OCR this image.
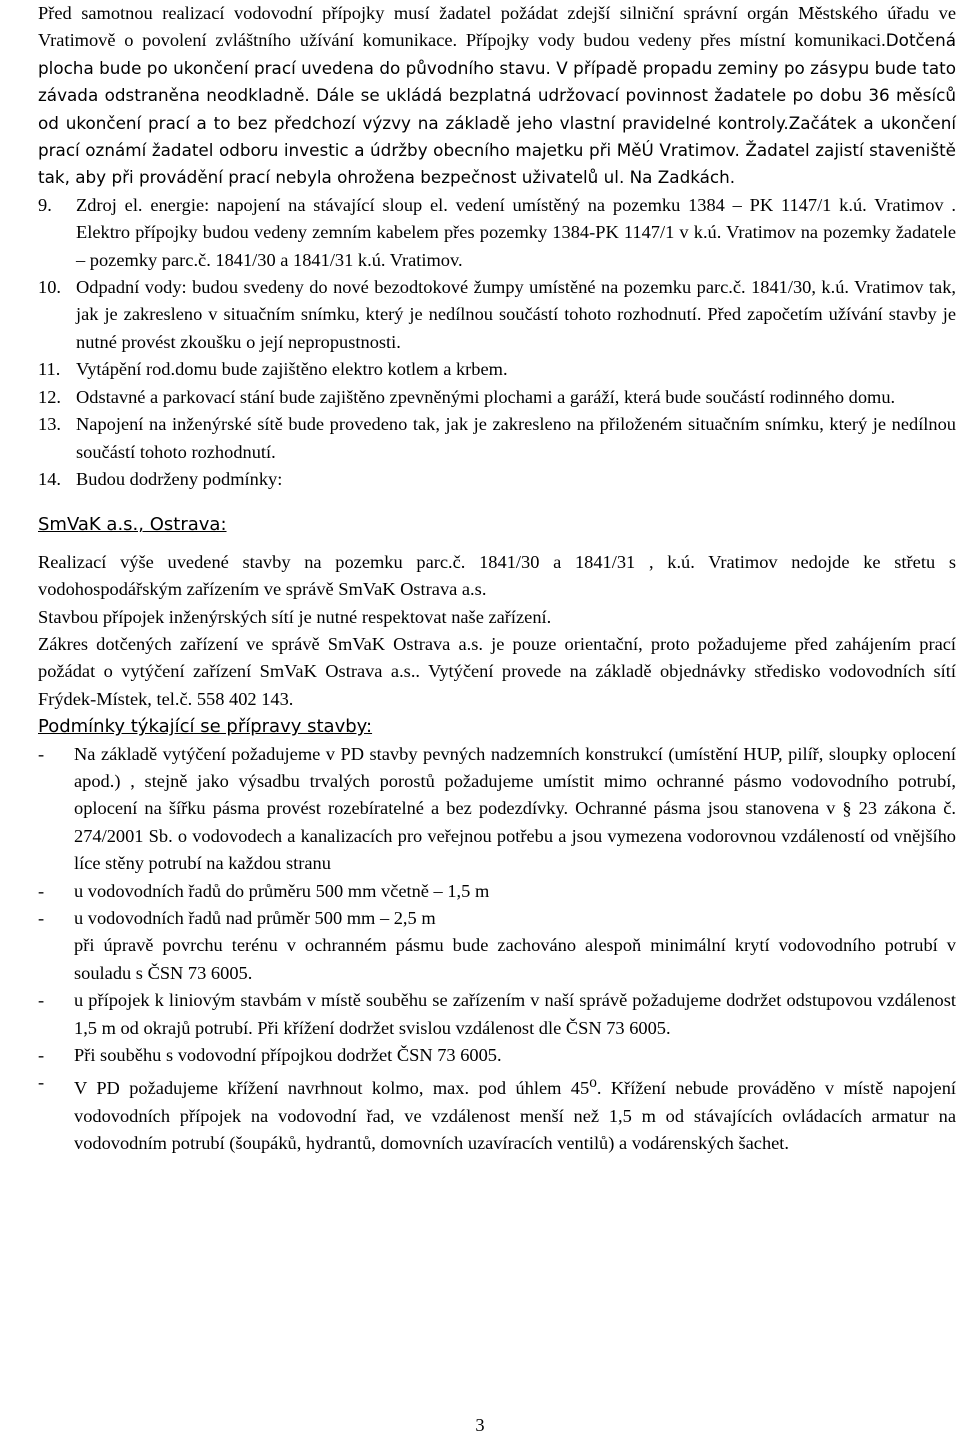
Před samotnou realizací vodovodní přípojky musí žadatel požádat zdejší silniční správní orgán Městského úřadu ve Vratimově o povolení zvláštního užívání komunikace. Přípojky vody budou vedeny přes místní komunikaci.Dotčená plocha bude po ukončení prací uvedena do původního stavu. V případě propadu zeminy po zásypu bude tato závada odstraněna neodkladně. Dále se ukládá bezplatná udržovací povinnost žadatele po dobu 36 měsíců od ukončení prací a to bez předchozí výzvy na základě jeho vlastní pravidelné kontroly.Začátek a ukončení prací oznámí žadatel odboru investic a údržby obecního majetku při MěÚ Vratimov. Žadatel zajistí staveniště tak, aby při provádění prací nebyla ohrožena bezpečnost uživatelů ul. Na Zadkách.

9.	Zdroj el. energie: napojení na stávající sloup el. vedení umístěný na pozemku 1384 – PK 1147/1 k.ú. Vratimov . Elektro přípojky budou vedeny zemním kabelem přes pozemky 1384-PK 1147/1 v k.ú. Vratimov na pozemky žadatele – pozemky parc.č. 1841/30 a 1841/31 k.ú. Vratimov.
10. Odpadní vody: budou svedeny do nové bezodtokové žumpy umístěné na pozemku parc.č. 1841/30, k.ú. Vratimov tak, jak je zakresleno v situačním snímku, který je nedílnou součástí tohoto rozhodnutí. Před započetím užívání stavby je nutné provést zkoušku o její nepropustnosti.
11. Vytápění rod.domu bude zajištěno elektro kotlem a krbem.
12. Odstavné a parkovací stání bude zajištěno zpevněnými plochami a garáží, která bude součástí rodinného domu.
13. Napojení na inženýrské sítě bude provedeno tak, jak je zakresleno na přiloženém situačním snímku, který je nedílnou součástí tohoto rozhodnutí.
14. Budou dodrženy podmínky:

SmVaK a.s., Ostrava:

Realizací výše uvedené stavby na pozemku parc.č. 1841/30 a 1841/31 , k.ú. Vratimov nedojde ke střetu s vodohospodářským zařízením ve správě SmVaK Ostrava a.s.

Stavbou přípojek inženýrských sítí je nutné respektovat naše zařízení.

Zákres dotčených zařízení ve správě SmVaK Ostrava a.s. je pouze orientační, proto požadujeme před zahájením prací požádat o vytýčení zařízení SmVaK Ostrava a.s.. Vytýčení provede na základě objednávky středisko vodovodních sítí Frýdek-Místek, tel.č. 558 402 143.

Podmínky týkající se přípravy stavby:

-	Na základě vytýčení požadujeme v PD stavby pevných nadzemních konstrukcí (umístění HUP, pilíř, sloupky oplocení apod.) , stejně jako výsadbu trvalých porostů požadujeme umístit mimo ochranné pásmo vodovodního potrubí, oplocení na šířku pásma provést rozebíratelné a bez podezdívky. Ochranné pásma jsou stanovena v § 23 zákona č. 274/2001 Sb. o vodovodech a kanalizacích pro veřejnou potřebu a jsou vymezena vodorovnou vzdáleností od vnějšího líce stěny potrubí na každou stranu
-	u vodovodních řadů do průměru 500 mm včetně – 1,5 m
-	u vodovodních řadů nad průměr 500 mm – 2,5 m

při úpravě povrchu terénu v ochranném pásmu bude zachováno alespoň minimální krytí vodovodního potrubí v souladu s ČSN 73 6005.

-	u přípojek k liniovým stavbám v místě souběhu se zařízením v naší správě požadujeme dodržet odstupovou vzdálenost 1,5 m od okrajů potrubí. Při křížení dodržet svislou vzdálenost dle ČSN 73 6005.
-	Při souběhu s vodovodní přípojkou dodržet ČSN 73 6005.
-	V PD požadujeme křížení navrhnout kolmo, max. pod úhlem 45$^o$. Křížení nebude prováděno v místě napojení vodovodních přípojek na vodovodní řad, ve vzdálenost menší než 1,5 m od stávajících ovládacích armatur na vodovodním potrubí (šoupáků, hydrantů, domovních uzavíracích ventilů) a vodárenských šachet.
3
